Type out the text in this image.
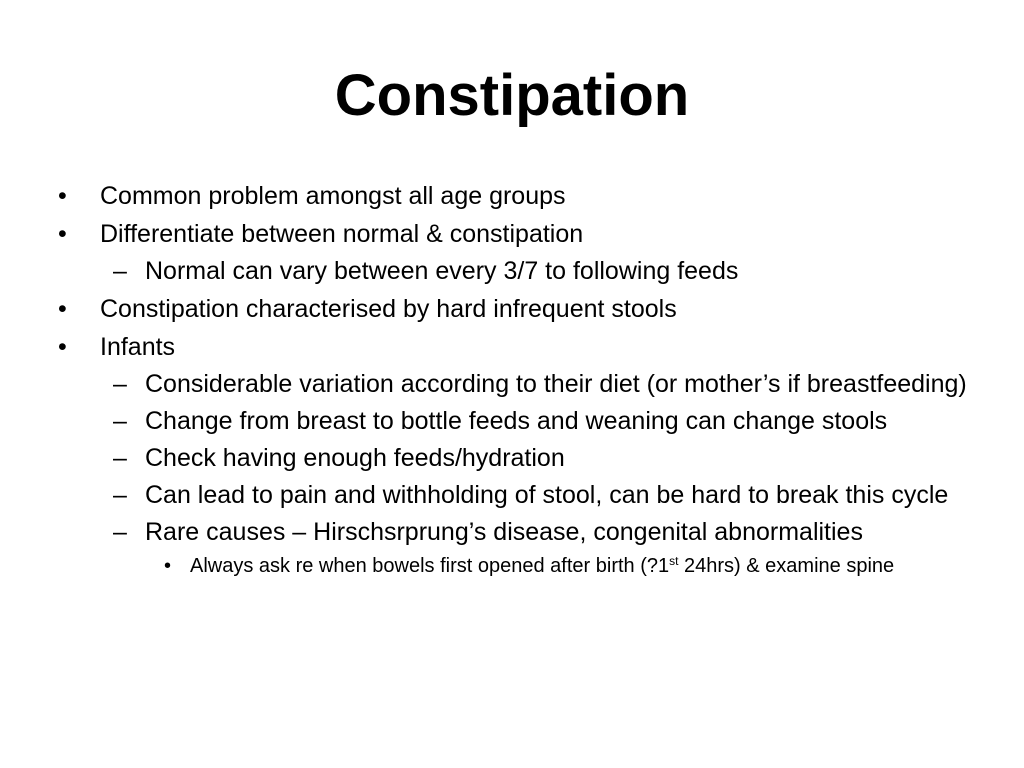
Constipation

• Common problem amongst all age groups

• Differentiate between normal & constipation

– Normal can vary between every 3/7 to following feeds

• Constipation characterised by hard infrequent stools

• Infants

– Considerable variation according to their diet (or mother’s if breastfeeding)

– Change from breast to bottle feeds and weaning can change stools

– Check having enough feeds/hydration

– Can lead to pain and withholding of stool, can be hard to break this cycle

– Rare causes – Hirschsrprung’s disease, congenital abnormalities

• Always ask re when bowels first opened after birth (?1st 24hrs) & examine spine
